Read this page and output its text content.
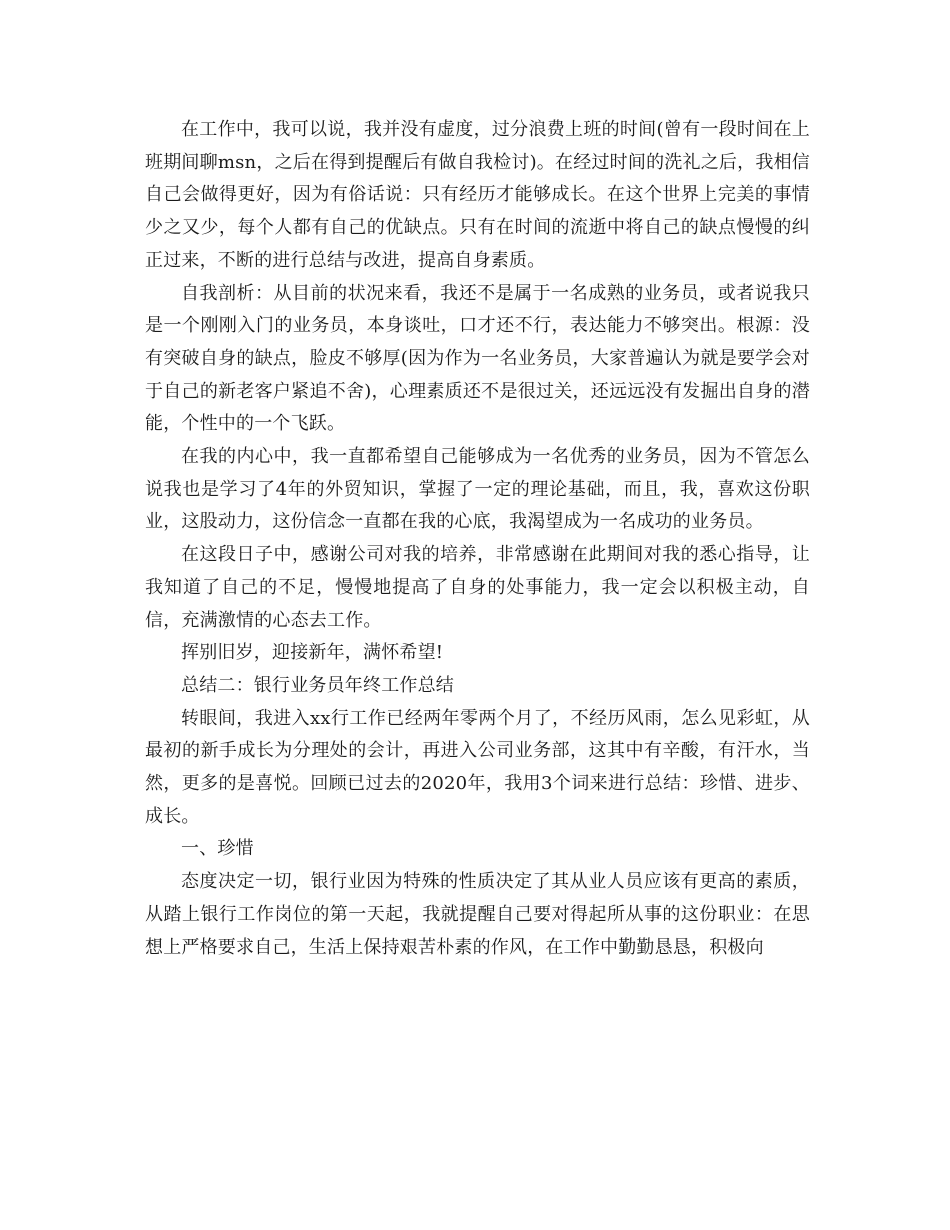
在工作中，我可以说，我并没有虚度，过分浪费上班的时间(曾有一段时间在上班期间聊msn，之后在得到提醒后有做自我检讨)。在经过时间的洗礼之后，我相信自己会做得更好，因为有俗话说：只有经历才能够成长。在这个世界上完美的事情少之又少，每个人都有自己的优缺点。只有在时间的流逝中将自己的缺点慢慢的纠正过来，不断的进行总结与改进，提高自身素质。

自我剖析：从目前的状况来看，我还不是属于一名成熟的业务员，或者说我只是一个刚刚入门的业务员，本身谈吐，口才还不行，表达能力不够突出。根源：没有突破自身的缺点，脸皮不够厚(因为作为一名业务员，大家普遍认为就是要学会对于自己的新老客户紧追不舍)，心理素质还不是很过关，还远远没有发掘出自身的潜能，个性中的一个飞跃。

在我的内心中，我一直都希望自己能够成为一名优秀的业务员，因为不管怎么说我也是学习了4年的外贸知识，掌握了一定的理论基础，而且，我，喜欢这份职业，这股动力，这份信念一直都在我的心底，我渴望成为一名成功的业务员。

在这段日子中，感谢公司对我的培养，非常感谢在此期间对我的悉心指导，让我知道了自己的不足，慢慢地提高了自身的处事能力，我一定会以积极主动，自信，充满激情的心态去工作。

挥别旧岁，迎接新年，满怀希望!

总结二：银行业务员年终工作总结

转眼间，我进入xx行工作已经两年零两个月了，不经历风雨，怎么见彩虹，从最初的新手成长为分理处的会计，再进入公司业务部，这其中有辛酸，有汗水，当然，更多的是喜悦。回顾已过去的2020年，我用3个词来进行总结：珍惜、进步、成长。

一、珍惜

态度决定一切，银行业因为特殊的性质决定了其从业人员应该有更高的素质，从踏上银行工作岗位的第一天起，我就提醒自己要对得起所从事的这份职业：在思想上严格要求自己，生活上保持艰苦朴素的作风，在工作中勤勤恳恳，积极向
